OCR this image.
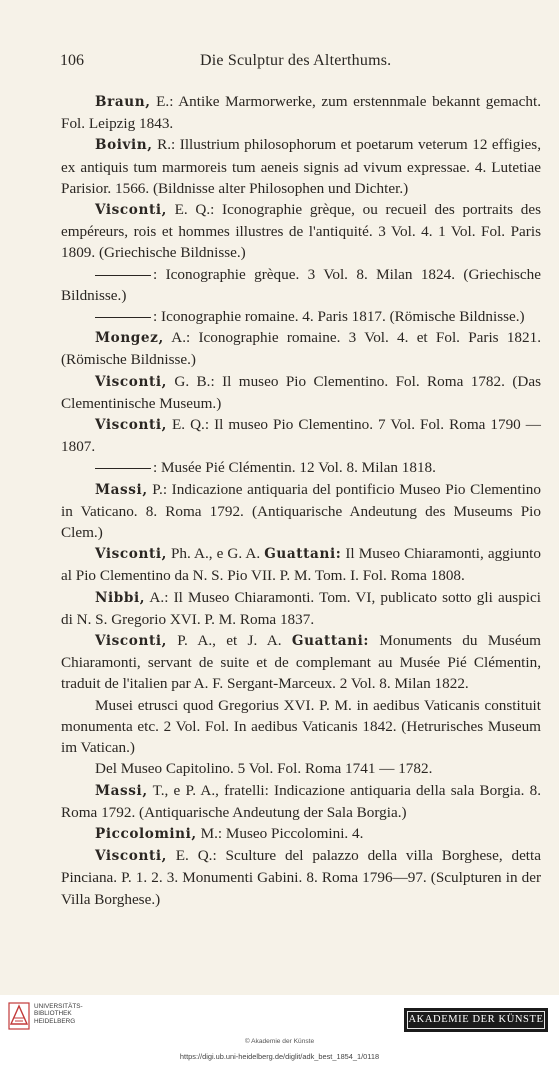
106	Die Sculptur des Alterthums.

Braun, E.: Antike Marmorwerke, zum erstennmale bekannt gemacht. Fol. Leipzig 1843.

Boivin, R.: Illustrium philosophorum et poetarum veterum 12 effigies, ex antiquis tum marmoreis tum aeneis signis ad vivum expressae. 4. Lutetiae Parisior. 1566. (Bildnisse alter Philosophen und Dichter.)

Visconti, E. Q.: Iconographie grèque, ou recueil des portraits des empéreurs, rois et hommes illustres de l'antiquité. 3 Vol. 4. 1 Vol. Fol. Paris 1809. (Griechische Bildnisse.)

: Iconographie grèque. 3 Vol. 8. Milan 1824. (Griechische Bildnisse.)

: Iconographie romaine. 4. Paris 1817. (Römische Bildnisse.)

Mongez, A.: Iconographie romaine. 3 Vol. 4. et Fol. Paris 1821. (Römische Bildnisse.)

Visconti, G. B.: Il museo Pio Clementino. Fol. Roma 1782. (Das Clementinische Museum.)

Visconti, E. Q.: Il museo Pio Clementino. 7 Vol. Fol. Roma 1790 — 1807.

: Musée Pié Clémentin. 12 Vol. 8. Milan 1818.

Massi, P.: Indicazione antiquaria del pontificio Museo Pio Clementino in Vaticano. 8. Roma 1792. (Antiquarische Andeutung des Museums Pio Clem.)

Visconti, Ph. A., e G. A. Guattani: Il Museo Chiaramonti, aggiunto al Pio Clementino da N. S. Pio VII. P. M. Tom. I. Fol. Roma 1808.

Nibbi, A.: Il Museo Chiaramonti. Tom. VI, publicato sotto gli auspici di N. S. Gregorio XVI. P. M. Roma 1837.

Visconti, P. A., et J. A. Guattani: Monuments du Muséum Chiaramonti, servant de suite et de complemant au Musée Pié Clémentin, traduit de l'italien par A. F. Sergant-Marceux. 2 Vol. 8. Milan 1822.

Musei etrusci quod Gregorius XVI. P. M. in aedibus Vaticanis constituit monumenta etc. 2 Vol. Fol. In aedibus Vaticanis 1842. (Hetrurisches Museum im Vatican.)

Del Museo Capitolino. 5 Vol. Fol. Roma 1741 — 1782.

Massi, T., e P. A., fratelli: Indicazione antiquaria della sala Borgia. 8. Roma 1792. (Antiquarische Andeutung der Sala Borgia.)

Piccolomini, M.: Museo Piccolomini. 4.

Visconti, E. Q.: Sculture del palazzo della villa Borghese, detta Pinciana. P. 1. 2. 3. Monumenti Gabini. 8. Roma 1796—97. (Sculpturen in der Villa Borghese.)

UNIVERSITÄTS-
BIBLIOTHEK
HEIDELBERG	AKADEMIE DER KÜNSTE
© Akademie der Künste
https://digi.ub.uni-heidelberg.de/diglit/adk_best_1854_1/0118
